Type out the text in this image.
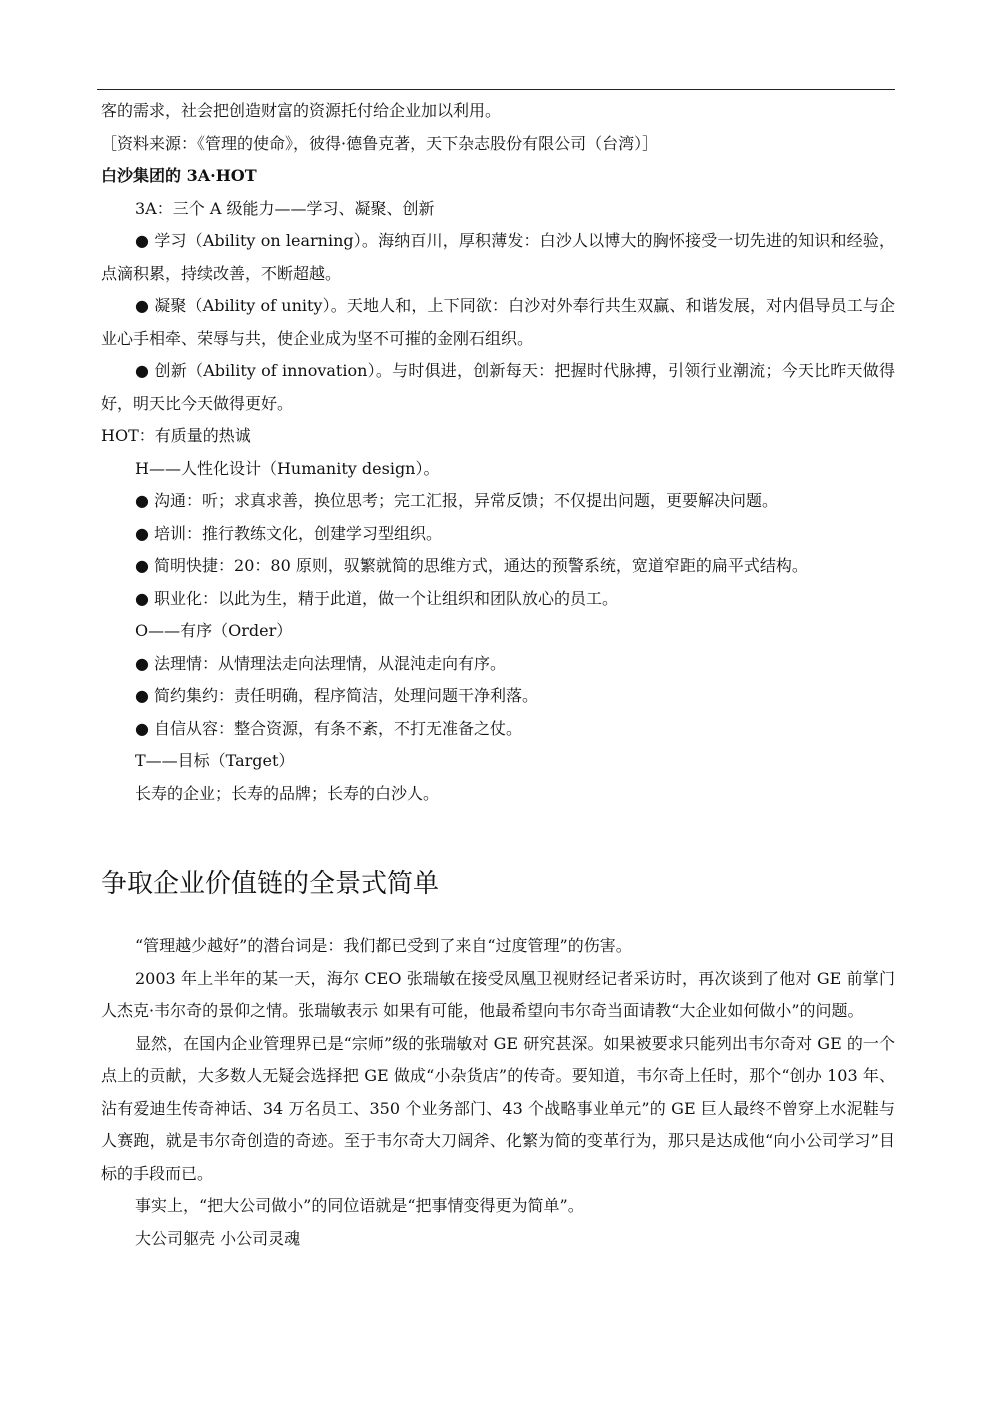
客的需求，社会把创造财富的资源托付给企业加以利用。
［资料来源：《管理的使命》，彼得·德鲁克著，天下杂志股份有限公司（台湾）］
白沙集团的 3A·HOT
3A：三个 A 级能力——学习、凝聚、创新
● 学习（Ability on learning）。海纳百川，厚积薄发：白沙人以博大的胸怀接受一切先进的知识和经验，点滴积累，持续改善，不断超越。
● 凝聚（Ability of unity）。天地人和，上下同欲：白沙对外奉行共生双赢、和谐发展，对内倡导员工与企业心手相牵、荣辱与共，使企业成为坚不可摧的金刚石组织。
● 创新（Ability of innovation）。与时俱进，创新每天：把握时代脉搏，引领行业潮流；今天比昨天做得好，明天比今天做得更好。
HOT：有质量的热诚
H——人性化设计（Humanity design）。
● 沟通：听；求真求善，换位思考；完工汇报，异常反馈；不仅提出问题，更要解决问题。
● 培训：推行教练文化，创建学习型组织。
● 简明快捷：20：80 原则，驭繁就简的思维方式，通达的预警系统，宽道窄距的扁平式结构。
● 职业化：以此为生，精于此道，做一个让组织和团队放心的员工。
O——有序（Order）
● 法理情：从情理法走向法理情，从混沌走向有序。
● 简约集约：责任明确，程序简洁，处理问题干净利落。
● 自信从容：整合资源，有条不紊，不打无准备之仗。
T——目标（Target）
长寿的企业；长寿的品牌；长寿的白沙人。
争取企业价值链的全景式简单
“管理越少越好”的潜台词是：我们都已受到了来自“过度管理”的伤害。
2003 年上半年的某一天，海尔 CEO 张瑞敏在接受凤凰卫视财经记者采访时，再次谈到了他对 GE 前掌门人杰克·韦尔奇的景仰之情。张瑞敏表示 如果有可能，他最希望向韦尔奇当面请教“大企业如何做小”的问题。
显然，在国内企业管理界已是“宗师”级的张瑞敏对 GE 研究甚深。如果被要求只能列出韦尔奇对 GE 的一个点上的贡献，大多数人无疑会选择把 GE 做成“小杂货店”的传奇。要知道，韦尔奇上任时，那个“创办 103 年、沾有爱迪生传奇神话、34 万名员工、350 个业务部门、43 个战略事业单元”的 GE 巨人最终不曾穿上水泥鞋与人赛跑，就是韦尔奇创造的奇迹。至于韦尔奇大刀阔斧、化繁为简的变革行为，那只是达成他“向小公司学习”目标的手段而已。
事实上，“把大公司做小”的同位语就是“把事情变得更为简单”。
大公司躯壳 小公司灵魂
